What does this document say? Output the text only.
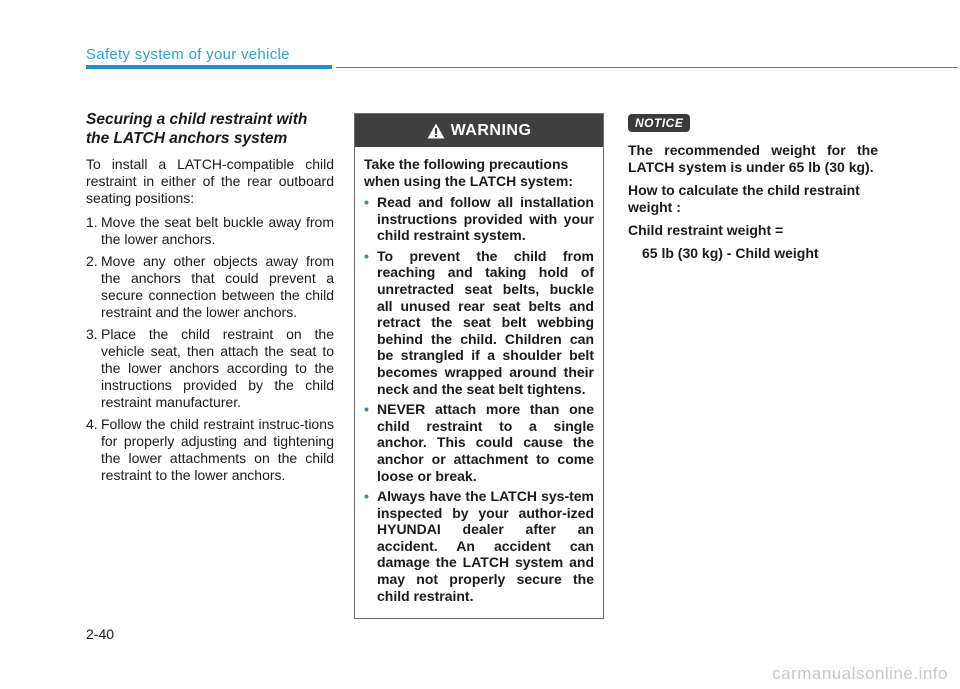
Safety system of your vehicle
Securing a child restraint with the LATCH anchors system

To install a LATCH-compatible child restraint in either of the rear outboard seating positions:

1. Move the seat belt buckle away from the lower anchors.
2. Move any other objects away from the anchors that could prevent a secure connection between the child restraint and the lower anchors.
3. Place the child restraint on the vehicle seat, then attach the seat to the lower anchors according to the instructions provided by the child restraint manufacturer.
4. Follow the child restraint instruc-tions for properly adjusting and tightening the lower attachments on the child restraint to the lower anchors.
WARNING

Take the following precautions when using the LATCH system:

• Read and follow all installation instructions provided with your child restraint system.
• To prevent the child from reaching and taking hold of unretracted seat belts, buckle all unused rear seat belts and retract the seat belt webbing behind the child. Children can be strangled if a shoulder belt becomes wrapped around their neck and the seat belt tightens.
• NEVER attach more than one child restraint to a single anchor. This could cause the anchor or attachment to come loose or break.
• Always have the LATCH sys-tem inspected by your author-ized HYUNDAI dealer after an accident. An accident can damage the LATCH system and may not properly secure the child restraint.
NOTICE

The recommended weight for the LATCH system is under 65 lb (30 kg).

How to calculate the child restraint weight :

Child restraint weight =

65 lb (30 kg) - Child weight

2-40
carmanualsonline.info
